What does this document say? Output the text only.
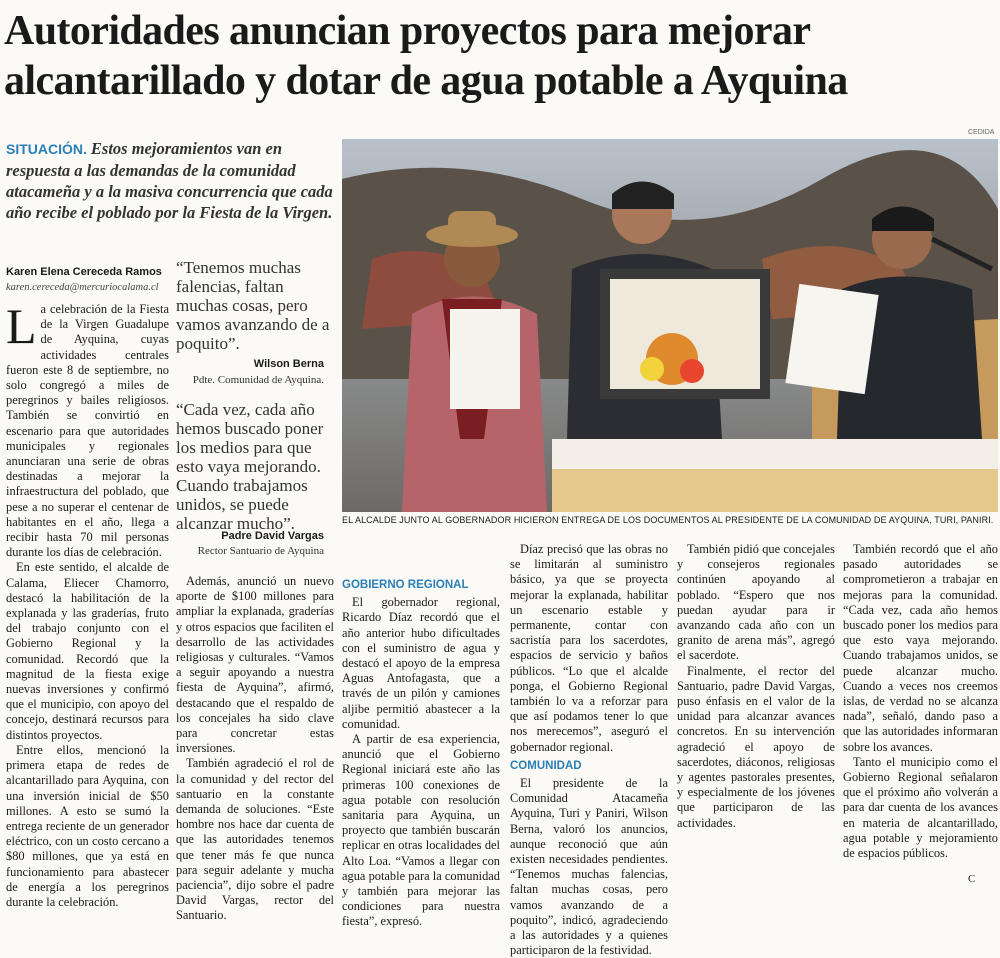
Autoridades anuncian proyectos para mejorar alcantarillado y dotar de agua potable a Ayquina
SITUACIÓN. Estos mejoramientos van en respuesta a las demandas de la comunidad atacameña y a la masiva concurrencia que cada año recibe el poblado por la Fiesta de la Virgen.
Karen Elena Cereceda Ramos
karen.cereceda@mercuriocalama.cl

La celebración de la Fiesta de la Virgen Guadalupe de Ayquina, cuyas actividades centrales fueron este 8 de septiembre, no solo congregó a miles de peregrinos y bailes religiosos. También se convirtió en escenario para que autoridades municipales y regionales anunciaran una serie de obras destinadas a mejorar la infraestructura del poblado, que pese a no superar el centenar de habitantes en el año, llega a recibir hasta 70 mil personas durante los días de celebración.

En este sentido, el alcalde de Calama, Eliecer Chamorro, destacó la habilitación de la explanada y las graderías, fruto del trabajo conjunto con el Gobierno Regional y la comunidad. Recordó que la magnitud de la fiesta exige nuevas inversiones y confirmó que el municipio, con apoyo del concejo, destinará recursos para distintos proyectos.

Entre ellos, mencionó la primera etapa de redes de alcantarillado para Ayquina, con una inversión inicial de $50 millones. A esto se sumó la entrega reciente de un generador eléctrico, con un costo cercano a $80 millones, que ya está en funcionamiento para abastecer de energía a los peregrinos durante la celebración.

“Tenemos muchas falencias, faltan muchas cosas, pero vamos avanzando de a poquito”.
Wilson Berna
Pdte. Comunidad de Ayquina.
“Cada vez, cada año hemos buscado poner los medios para que esto vaya mejorando. Cuando trabajamos unidos, se puede alcanzar mucho”.
Padre David Vargas
Rector Santuario de Ayquina

Además, anunció un nuevo aporte de $100 millones para ampliar la explanada, graderías y otros espacios que faciliten el desarrollo de las actividades religiosas y culturales. “Vamos a seguir apoyando a nuestra fiesta de Ayquina”, afirmó, destacando que el respaldo de los concejales ha sido clave para concretar estas inversiones.

También agradeció el rol de la comunidad y del rector del santuario en la constante demanda de soluciones. “Este hombre nos hace dar cuenta de que las autoridades tenemos que tener más fe que nunca para seguir adelante y mucha paciencia”, dijo sobre el padre David Vargas, rector del Santuario.

GOBIERNO REGIONAL

El gobernador regional, Ricardo Díaz recordó que el año anterior hubo dificultades con el suministro de agua y destacó el apoyo de la empresa Aguas Antofagasta, que a través de un pilón y camiones aljibe permitió abastecer a la comunidad.

A partir de esa experiencia, anunció que el Gobierno Regional iniciará este año las primeras 100 conexiones de agua potable con resolución sanitaria para Ayquina, un proyecto que también buscarán replicar en otras localidades del Alto Loa. “Vamos a llegar con agua potable para la comunidad y también para mejorar las condiciones para nuestra fiesta”, expresó.

Díaz precisó que las obras no se limitarán al suministro básico, ya que se proyecta mejorar la explanada, habilitar un escenario estable y permanente, contar con sacristía para los sacerdotes, espacios de servicio y baños públicos. “Lo que el alcalde ponga, el Gobierno Regional también lo va a reforzar para que así podamos tener lo que nos merecemos”, aseguró el gobernador regional.

COMUNIDAD

El presidente de la Comunidad Atacameña Ayquina, Turi y Paniri, Wilson Berna, valoró los anuncios, aunque reconoció que aún existen necesidades pendientes. “Tenemos muchas falencias, faltan muchas cosas, pero vamos avanzando de a poquito”, indicó, agradeciendo a las autoridades y a quienes participaron de la festividad.

También pidió que concejales y consejeros regionales continúen apoyando al poblado. “Espero que nos puedan ayudar para ir avanzando cada año con un granito de arena más”, agregó el sacerdote.

Finalmente, el rector del Santuario, padre David Vargas, puso énfasis en el valor de la unidad para alcanzar avances concretos. En su intervención agradeció el apoyo de sacerdotes, diáconos, religiosas y agentes pastorales presentes, y especialmente de los jóvenes que participaron de las actividades.

También recordó que el año pasado autoridades se comprometieron a trabajar en mejoras para la comunidad. “Cada vez, cada año hemos buscado poner los medios para que esto vaya mejorando. Cuando trabajamos unidos, se puede alcanzar mucho. Cuando a veces nos creemos islas, de verdad no se alcanza nada”, señaló, dando paso a que las autoridades informaran sobre los avances.

Tanto el municipio como el Gobierno Regional señalaron que el próximo año volverán a para dar cuenta de los avances en materia de alcantarillado, agua potable y mejoramiento de espacios públicos.

CEDIDA
EL ALCALDE JUNTO AL GOBERNADOR HICIERON ENTREGA DE LOS DOCUMENTOS AL PRESIDENTE DE LA COMUNIDAD DE AYQUINA, TURI, PANIRI.
C
